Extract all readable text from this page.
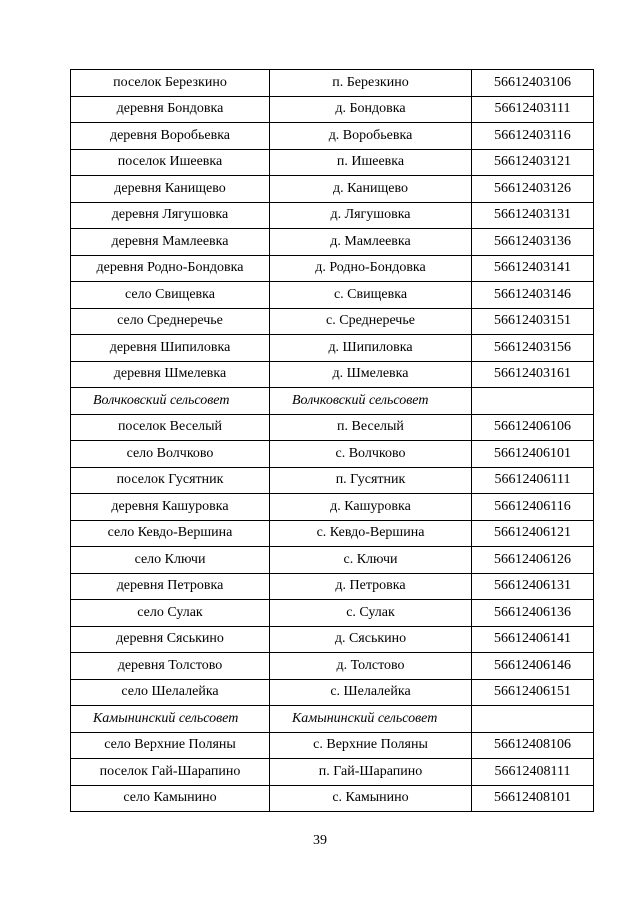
поселок Березкино	п. Березкино	56612403106
деревня Бондовка	д. Бондовка	56612403111
деревня Воробьевка	д. Воробьевка	56612403116
поселок Ишеевка	п. Ишеевка	56612403121
деревня Канищево	д. Канищево	56612403126
деревня Лягушовка	д. Лягушовка	56612403131
деревня Мамлеевка	д. Мамлеевка	56612403136
деревня Родно-Бондовка	д. Родно-Бондовка	56612403141
село Свищевка	с. Свищевка	56612403146
село Среднеречье	с. Среднеречье	56612403151
деревня Шипиловка	д. Шипиловка	56612403156
деревня Шмелевка	д. Шмелевка	56612403161
Волчковский сельсовет	Волчковский сельсовет	
поселок Веселый	п. Веселый	56612406106
село Волчково	с. Волчково	56612406101
поселок Гусятник	п. Гусятник	56612406111
деревня Кашуровка	д. Кашуровка	56612406116
село Кевдо-Вершина	с. Кевдо-Вершина	56612406121
село Ключи	с. Ключи	56612406126
деревня Петровка	д. Петровка	56612406131
село Сулак	с. Сулак	56612406136
деревня Сяськино	д. Сяськино	56612406141
деревня Толстово	д. Толстово	56612406146
село Шелалейка	с. Шелалейка	56612406151
Камынинский сельсовет	Камынинский сельсовет	
село Верхние Поляны	с. Верхние Поляны	56612408106
поселок Гай-Шарапино	п. Гай-Шарапино	56612408111
село Камынино	с. Камынино	56612408101
39
